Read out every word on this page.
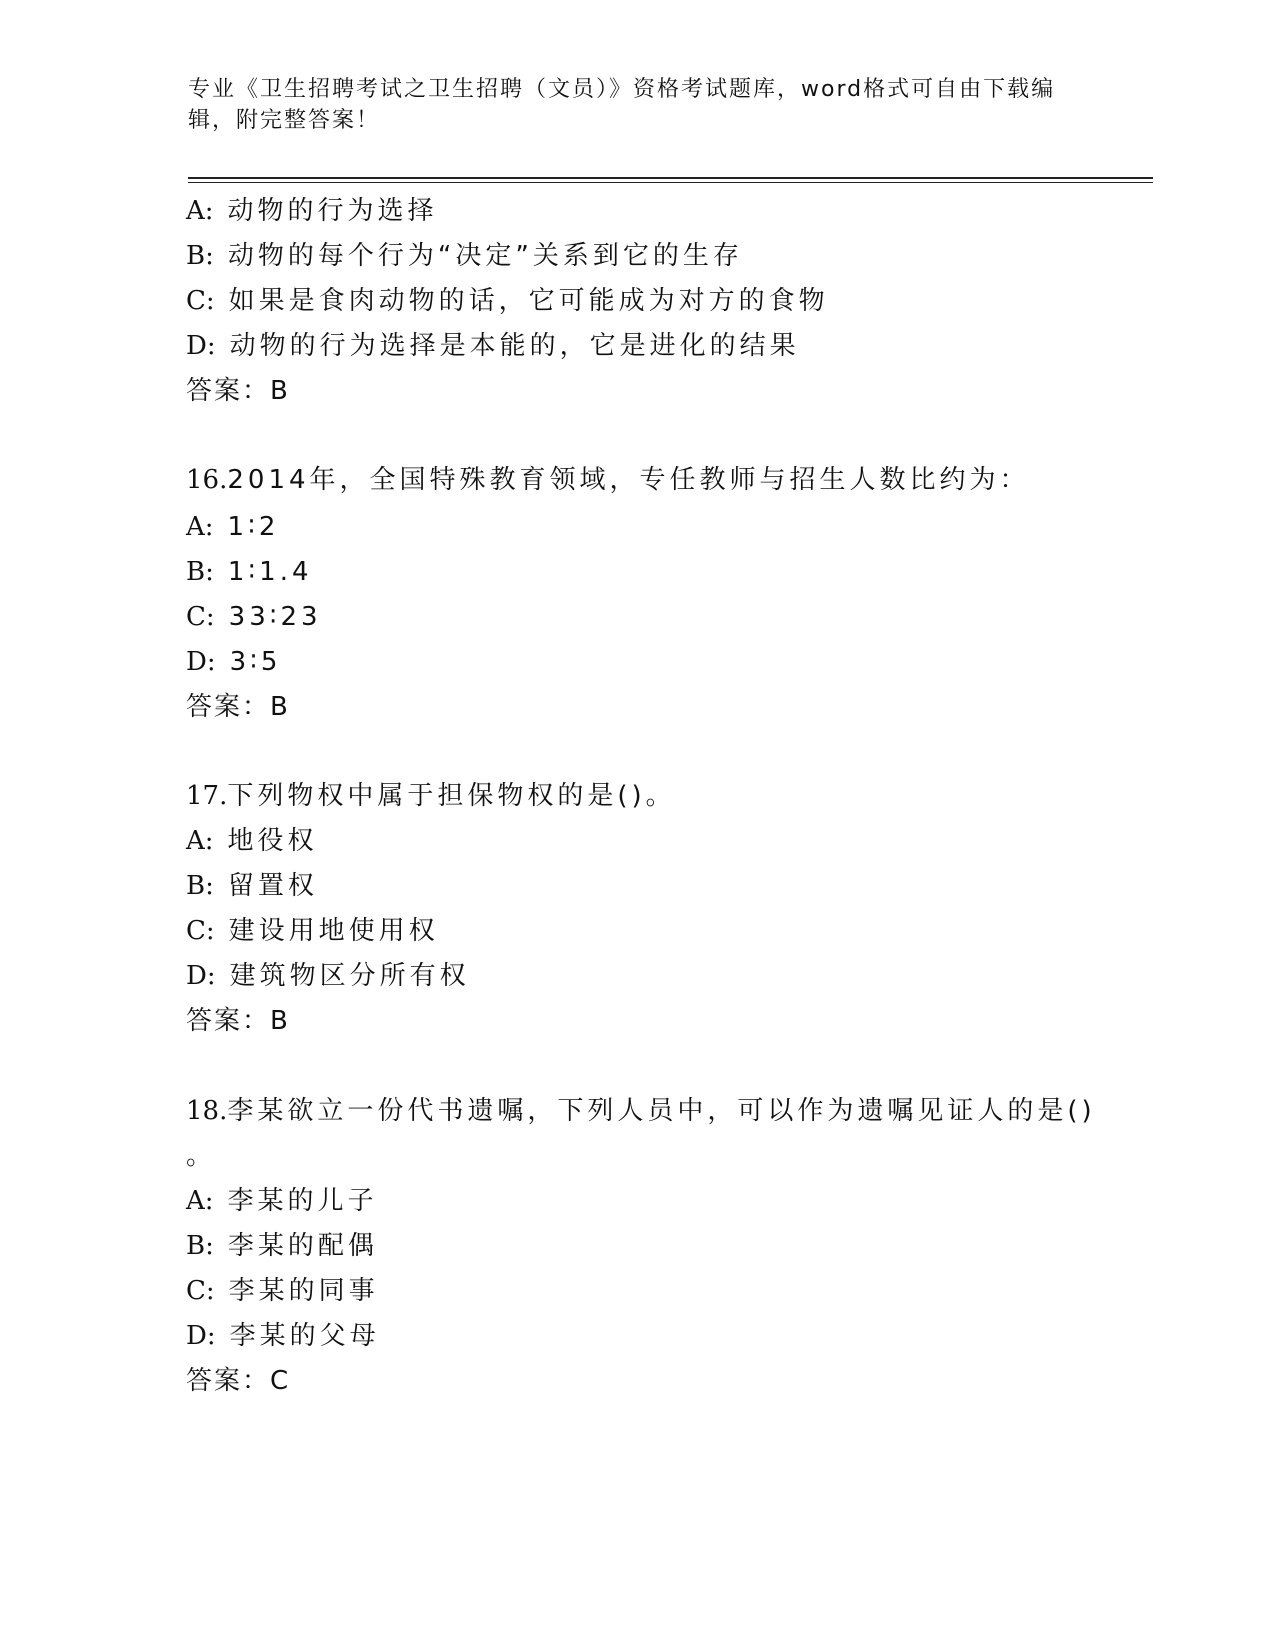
专业《卫生招聘考试之卫生招聘（文员）》资格考试题库，word格式可自由下载编辑，附完整答案！
A: 动物的行为选择
B: 动物的每个行为“决定”关系到它的生存
C: 如果是食肉动物的话，它可能成为对方的食物
D: 动物的行为选择是本能的，它是进化的结果
答案：B
16.2014年，全国特殊教育领域，专任教师与招生人数比约为：
A: 1∶2
B: 1∶1.4
C: 33∶23
D: 3∶5
答案：B
17.下列物权中属于担保物权的是()。
A: 地役权
B: 留置权
C: 建设用地使用权
D: 建筑物区分所有权
答案：B
18.李某欲立一份代书遗嘱，下列人员中，可以作为遗嘱见证人的是()
。
A: 李某的儿子
B: 李某的配偶
C: 李某的同事
D: 李某的父母
答案：C
